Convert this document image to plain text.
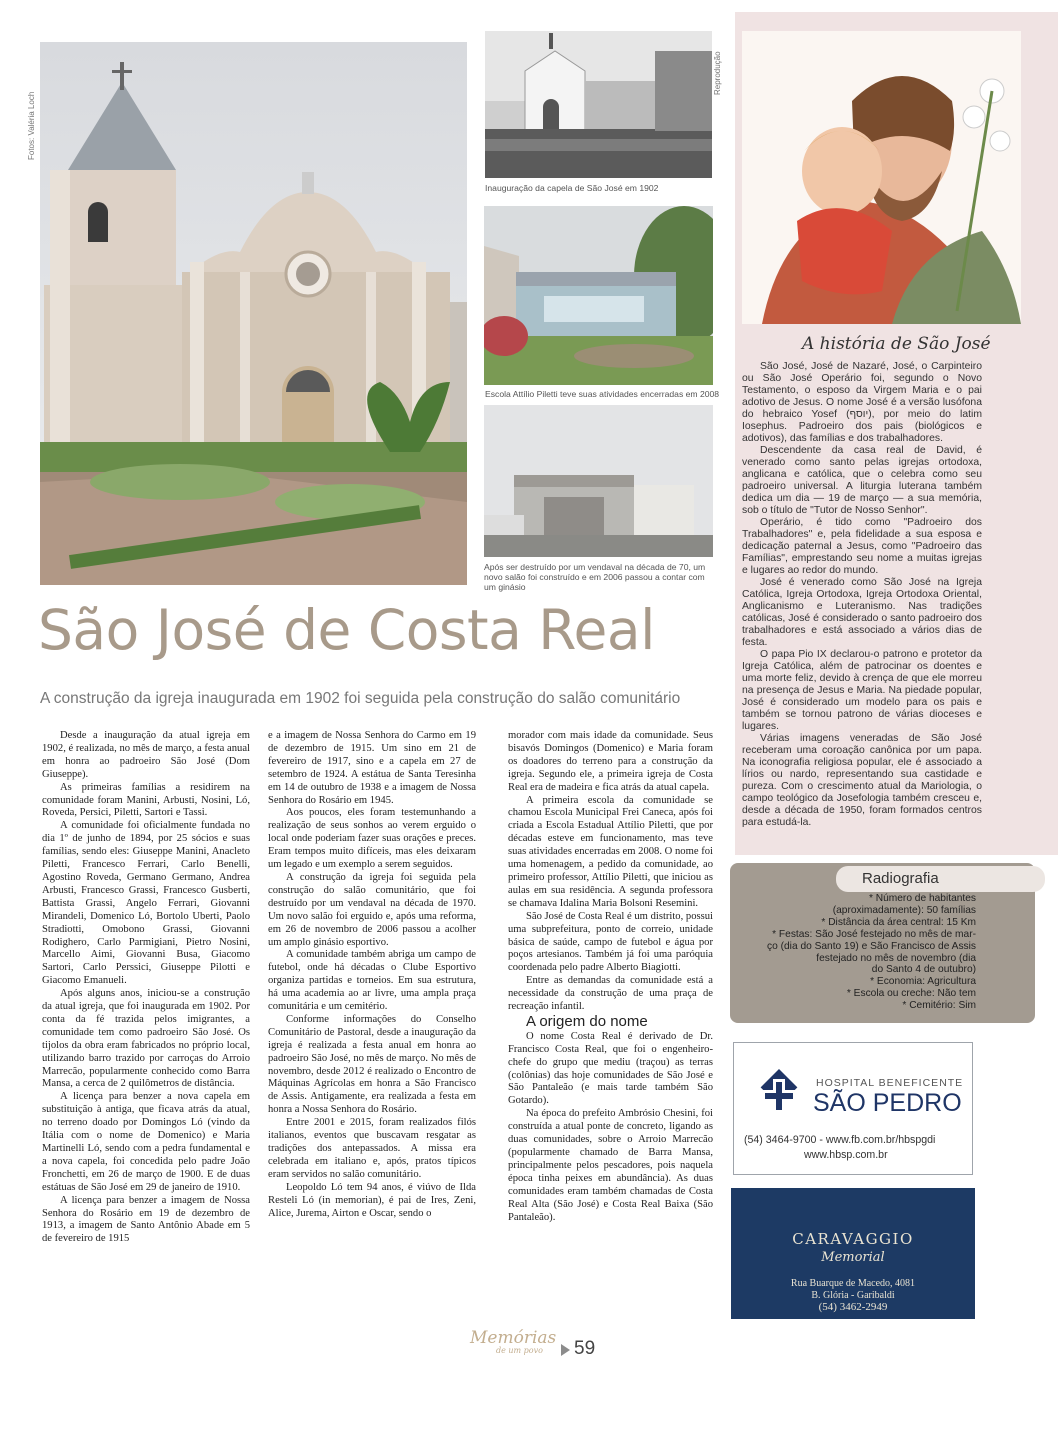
Fotos: Valéria Loch
Reprodução
Inauguração da capela de São José em 1902
Escola Attílio Piletti teve suas atividades encerradas em 2008
Após ser destruído por um vendaval na década de 70, um novo salão foi construído e em 2006 passou a contar com um ginásio
São José de Costa Real
A construção da igreja inaugurada em 1902 foi seguida pela construção do salão comunitário

Desde a inauguração da atual igreja em 1902, é realizada, no mês de março, a festa anual em honra ao padroeiro São José (Dom Giuseppe).

As primeiras famílias a residirem na comunidade foram Manini, Arbusti, Nosini, Ló, Roveda, Persici, Piletti, Sartori e Tassi.

A comunidade foi oficialmente fundada no dia 1º de junho de 1894, por 25 sócios e suas famílias, sendo eles: Giuseppe Manini, Anacleto Piletti, Francesco Ferrari, Carlo Benelli, Agostino Roveda, Germano Germano, Andrea Arbusti, Francesco Grassi, Francesco Gusberti, Battista Grassi, Angelo Ferrari, Giovanni Mirandeli, Domenico Ló, Bortolo Uberti, Paolo Stradiotti, Omobono Grassi, Giovanni Rodighero, Carlo Parmigiani, Pietro Nosini, Marcello Aimi, Giovanni Busa, Giacomo Sartori, Carlo Perssici, Giuseppe Pilotti e Giacomo Emanueli.

Após alguns anos, iniciou-se a construção da atual igreja, que foi inaugurada em 1902. Por conta da fé trazida pelos imigrantes, a comunidade tem como padroeiro São José. Os tijolos da obra eram fabricados no próprio local, utilizando barro trazido por carroças do Arroio Marrecão, popularmente conhecido como Barra Mansa, a cerca de 2 quilômetros de distância.

A licença para benzer a nova capela em substituição à antiga, que ficava atrás da atual, no terreno doado por Domingos Ló (vindo da Itália com o nome de Domenico) e Maria Martinelli Ló, sendo com a pedra fundamental e a nova capela, foi concedida pelo padre João Fronchetti, em 26 de março de 1900. E de duas estátuas de São José em 29 de janeiro de 1910.

A licença para benzer a imagem de Nossa Senhora do Rosário em 19 de dezembro de 1913, a imagem de Santo Antônio Abade em 5 de fevereiro de 1915

e a imagem de Nossa Senhora do Carmo em 19 de dezembro de 1915. Um sino em 21 de fevereiro de 1917, sino e a capela em 27 de setembro de 1924. A estátua de Santa Teresinha em 14 de outubro de 1938 e a imagem de Nossa Senhora do Rosário em 1945.

Aos poucos, eles foram testemunhando a realização de seus sonhos ao verem erguido o local onde poderiam fazer suas orações e preces. Eram tempos muito difíceis, mas eles deixaram um legado e um exemplo a serem seguidos.

A construção da igreja foi seguida pela construção do salão comunitário, que foi destruído por um vendaval na década de 1970. Um novo salão foi erguido e, após uma reforma, em 26 de novembro de 2006 passou a acolher um amplo ginásio esportivo.

A comunidade também abriga um campo de futebol, onde há décadas o Clube Esportivo organiza partidas e torneios. Em sua estrutura, há uma academia ao ar livre, uma ampla praça comunitária e um cemitério.

Conforme informações do Conselho Comunitário de Pastoral, desde a inauguração da igreja é realizada a festa anual em honra ao padroeiro São José, no mês de março. No mês de novembro, desde 2012 é realizado o Encontro de Máquinas Agrícolas em honra a São Francisco de Assis. Antigamente, era realizada a festa em honra a Nossa Senhora do Rosário.

Entre 2001 e 2015, foram realizados filós italianos, eventos que buscavam resgatar as tradições dos antepassados. A missa era celebrada em italiano e, após, pratos típicos eram servidos no salão comunitário.

Leopoldo Ló tem 94 anos, é viúvo de Ilda Resteli Ló (in memorian), é pai de Ires, Zeni, Alice, Jurema, Airton e Oscar, sendo o

morador com mais idade da comunidade. Seus bisavós Domingos (Domenico) e Maria foram os doadores do terreno para a construção da igreja. Segundo ele, a primeira igreja de Costa Real era de madeira e fica atrás da atual capela.

A primeira escola da comunidade se chamou Escola Municipal Frei Caneca, após foi criada a Escola Estadual Attílio Piletti, que por décadas esteve em funcionamento, mas teve suas atividades encerradas em 2008. O nome foi uma homenagem, a pedido da comunidade, ao primeiro professor, Attílio Piletti, que iniciou as aulas em sua residência. A segunda professora se chamava Idalina Maria Bolsoni Resemini.

São José de Costa Real é um distrito, possui uma subprefeitura, ponto de correio, unidade básica de saúde, campo de futebol e água por poços artesianos. Também já foi uma paróquia coordenada pelo padre Alberto Biagiotti.

Entre as demandas da comunidade está a necessidade da construção de uma praça de recreação infantil.

A origem do nome

O nome Costa Real é derivado de Dr. Francisco Costa Real, que foi o engenheiro-chefe do grupo que mediu (traçou) as terras (colônias) das hoje comunidades de São José e São Pantaleão (e mais tarde também São Gotardo).

Na época do prefeito Ambrósio Chesini, foi construída a atual ponte de concreto, ligando as duas comunidades, sobre o Arroio Marrecão (popularmente chamado de Barra Mansa, principalmente pelos pescadores, pois naquela época tinha peixes em abundância). As duas comunidades eram também chamadas de Costa Real Alta (São José) e Costa Real Baixa (São Pantaleão).

A história de São José

São José, José de Nazaré, José, o Carpinteiro ou São José Operário foi, segundo o Novo Testamento, o esposo da Virgem Maria e o pai adotivo de Jesus. O nome José é a versão lusófona do hebraico Yosef (יוסף), por meio do latim Iosephus. Padroeiro dos pais (biológicos e adotivos), das famílias e dos trabalhadores.

Descendente da casa real de David, é venerado como santo pelas igrejas ortodoxa, anglicana e católica, que o celebra como seu padroeiro universal. A liturgia luterana também dedica um dia — 19 de março — a sua memória, sob o título de "Tutor de Nosso Senhor".

Operário, é tido como "Padroeiro dos Trabalhadores" e, pela fidelidade a sua esposa e dedicação paternal a Jesus, como "Padroeiro das Famílias", emprestando seu nome a muitas igrejas e lugares ao redor do mundo.

José é venerado como São José na Igreja Católica, Igreja Ortodoxa, Igreja Ortodoxa Oriental, Anglicanismo e Luteranismo. Nas tradições católicas, José é considerado o santo padroeiro dos trabalhadores e está associado a vários dias de festa.

O papa Pio IX declarou-o patrono e protetor da Igreja Católica, além de patrocinar os doentes e uma morte feliz, devido à crença de que ele morreu na presença de Jesus e Maria. Na piedade popular, José é considerado um modelo para os pais e também se tornou patrono de várias dioceses e lugares.

Várias imagens veneradas de São José receberam uma coroação canônica por um papa. Na iconografia religiosa popular, ele é associado a lírios ou nardo, representando sua castidade e pureza. Com o crescimento atual da Mariologia, o campo teológico da Josefologia também cresceu e, desde a década de 1950, foram formados centros para estudá-la.

Radiografia
* Número de habitantes
(aproximadamente): 50 famílias
* Distância da área central: 15 Km
* Festas: São José festejado no mês de mar-
ço (dia do Santo 19) e São Francisco de Assis
festejado no mês de novembro (dia
do Santo 4 de outubro)
* Economia: Agricultura
* Escola ou creche: Não tem
* Cemitério: Sim
HOSPITAL BENEFICENTE
SÃO PEDRO
(54) 3464-9700 - www.fb.com.br/hbspgdi
www.hbsp.com.br
CARAVAGGIO
Memorial
Rua Buarque de Macedo, 4081
B. Glória - Garibaldi
(54) 3462-2949
Memórias
de um povo	59
